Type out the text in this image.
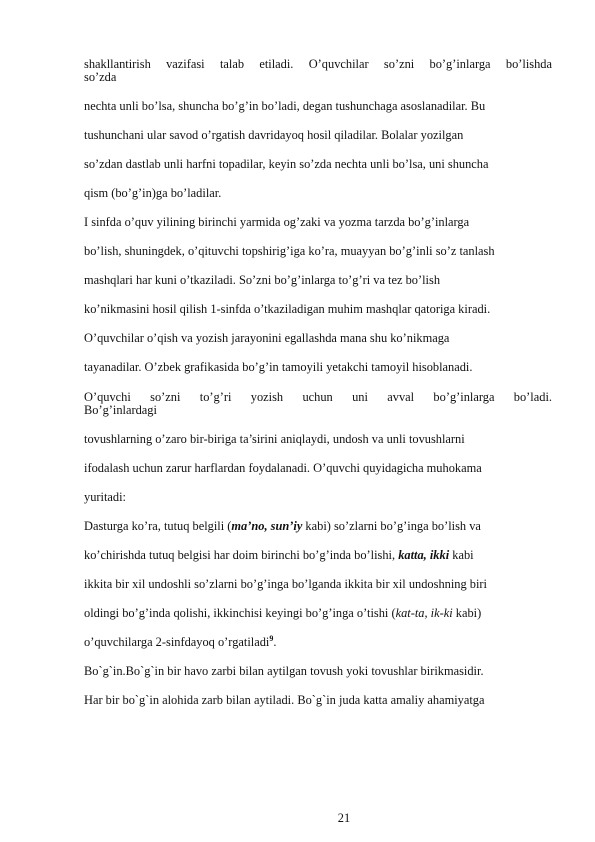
shakllantirish vazifasi talab etiladi. O’quvchilar so’zni bo’g’inlarga bo’lishda
so’zda
nechta unli bo’lsa, shuncha bo’g’in bo’ladi, degan tushunchaga asoslanadilar. Bu
tushunchani ular savod o’rgatish davridayoq hosil qiladilar. Bolalar yozilgan
so’zdan dastlab unli harfni topadilar, keyin so’zda nechta unli bo’lsa, uni shuncha
qism (bo’g’in)ga bo’ladilar.
I sinfda o’quv yilining birinchi yarmida og’zaki va yozma tarzda bo’g’inlarga
bo’lish, shuningdek, o’qituvchi topshirig’iga ko’ra, muayyan bo’g’inli so’z tanlash
mashqlari har kuni o’tkaziladi. So’zni bo’g’inlarga to’g’ri va tez bo’lish
ko’nikmasini hosil qilish 1-sinfda o’tkaziladigan muhim mashqlar qatoriga kiradi.
O’quvchilar o’qish va yozish jarayonini egallashda mana shu ko’nikmaga
tayanadilar. O’zbek grafikasida bo’g’in tamoyili yetakchi tamoyil hisoblanadi.
O’quvchi so’zni to’g’ri yozish uchun uni avval bo’g’inlarga bo’ladi.
Bo’g’inlardagi
tovushlarning o’zaro bir-biriga ta’sirini aniqlaydi, undosh va unli tovushlarni
ifodalash uchun zarur harflardan foydalanadi. O’quvchi quyidagicha muhokama
yuritadi:
Dasturga ko’ra, tutuq belgili (ma’no, sun’iy kabi) so’zlarni bo’g’inga bo’lish va
ko’chirishda tutuq belgisi har doim birinchi bo’g’inda bo’lishi, katta, ikki kabi
ikkita bir xil undoshli so’zlarni bo’g’inga bo’lganda ikkita bir xil undoshning biri
oldingi bo’g’inda qolishi, ikkinchisi keyingi bo’g’inga o’tishi (kat-ta, ik-ki kabi)
o’quvchilarga 2-sinfdayoq o’rgatiladi$^9$.
Bo`g`in.Bo`g`in bir havo zarbi bilan aytilgan tovush yoki tovushlar birikmasidir.
Har bir bo`g`in alohida zarb bilan aytiladi. Bo`g`in juda katta amaliy ahamiyatga
21
